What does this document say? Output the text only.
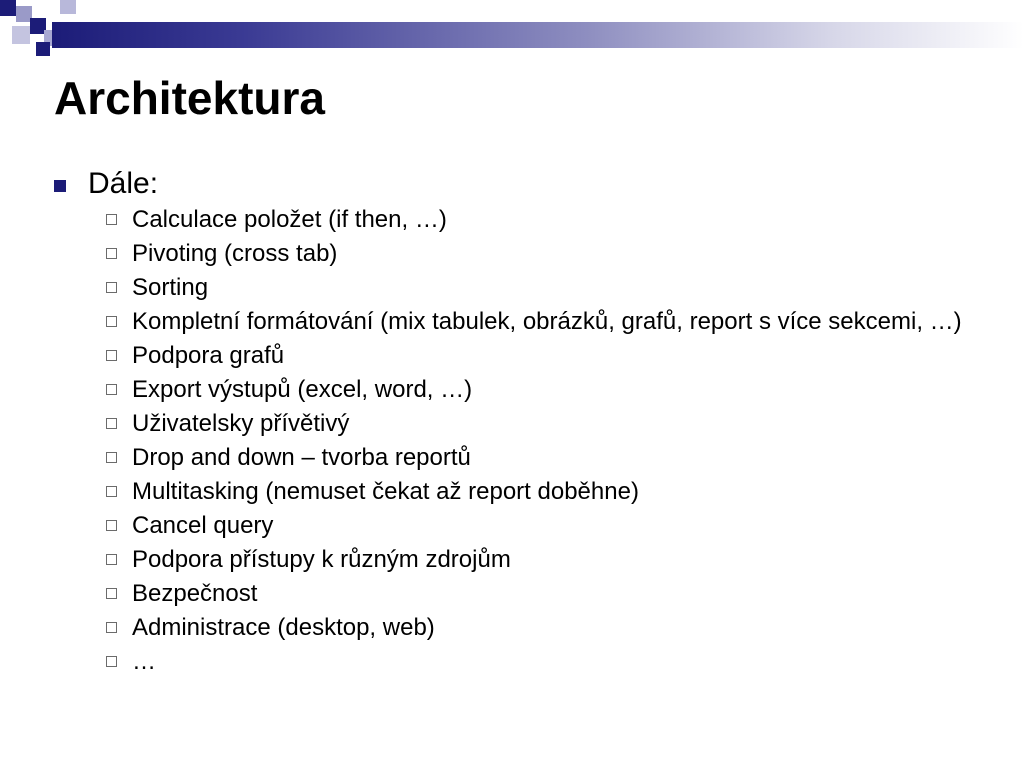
Architektura
Dále:
Calculace položet (if then, …)
Pivoting (cross tab)
Sorting
Kompletní formátování (mix tabulek, obrázků, grafů, report s více sekcemi, …)
Podpora grafů
Export výstupů (excel, word, …)
Uživatelsky přívětivý
Drop and down – tvorba reportů
Multitasking (nemuset čekat až report doběhne)
Cancel query
Podpora přístupy k různým zdrojům
Bezpečnost
Administrace (desktop, web)
…
